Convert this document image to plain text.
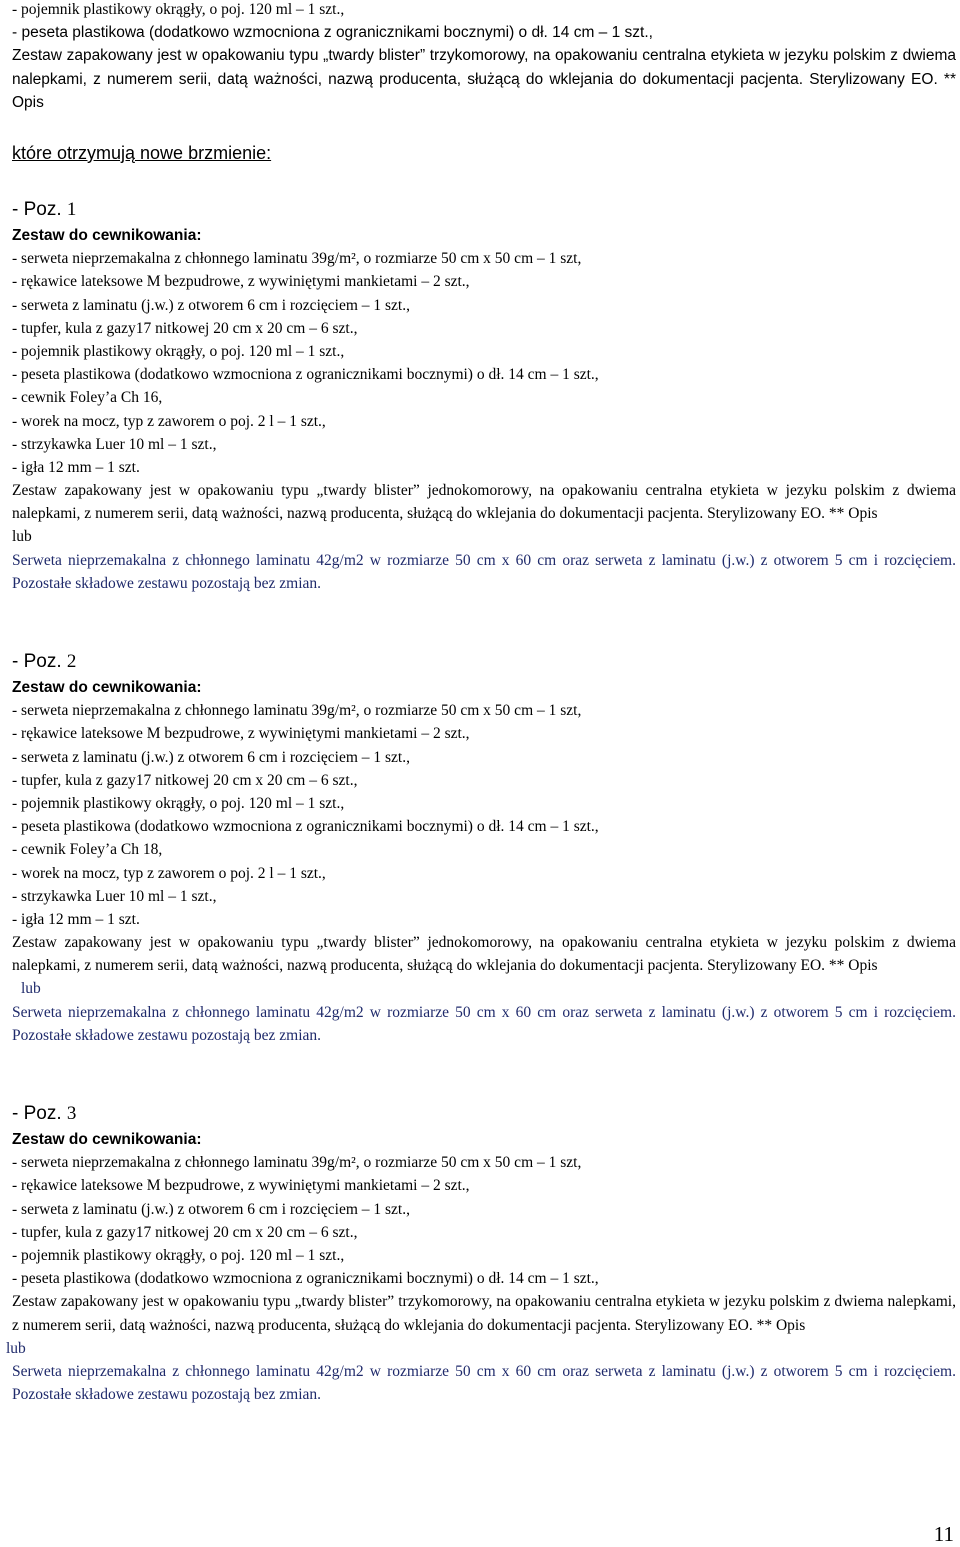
- pojemnik plastikowy okrągły, o poj. 120 ml – 1 szt.,
- peseta plastikowa (dodatkowo wzmocniona z ogranicznikami bocznymi) o dł. 14 cm – 1 szt.,
Zestaw zapakowany jest w opakowaniu typu „twardy blister” trzykomorowy, na opakowaniu centralna etykieta w jezyku polskim z dwiema nalepkami, z numerem serii, datą ważności, nazwą producenta, służącą do wklejania do dokumentacji pacjenta. Sterylizowany EO. ** Opis
które otrzymują nowe brzmienie:
- Poz. 1
Zestaw do cewnikowania:
- serweta nieprzemakalna z chłonnego laminatu 39g/m², o rozmiarze 50 cm x 50 cm – 1 szt,
- rękawice lateksowe M bezpudrowe, z wywiniętymi mankietami – 2 szt.,
- serweta z laminatu (j.w.) z otworem 6 cm i rozcięciem – 1 szt.,
- tupfer, kula z gazy17 nitkowej 20 cm x 20 cm – 6 szt.,
- pojemnik plastikowy okrągły, o poj. 120 ml – 1 szt.,
- peseta plastikowa (dodatkowo wzmocniona z ogranicznikami bocznymi) o dł. 14 cm – 1 szt.,
- cewnik Foley’a Ch 16,
- worek na mocz, typ z zaworem o poj. 2 l – 1 szt.,
- strzykawka Luer 10 ml – 1 szt.,
- igła 12 mm – 1 szt.
Zestaw zapakowany jest w opakowaniu typu „twardy blister” jednokomorowy, na opakowaniu centralna etykieta w jezyku polskim z dwiema nalepkami, z numerem serii, datą ważności, nazwą producenta, służącą do wklejania do dokumentacji pacjenta. Sterylizowany EO. ** Opis
lub
Serweta nieprzemakalna z chłonnego laminatu 42g/m2 w rozmiarze 50 cm x 60 cm oraz serweta z laminatu (j.w.) z otworem 5 cm i rozcięciem. Pozostałe składowe zestawu pozostają bez zmian.
- Poz. 2
Zestaw do cewnikowania:
- serweta nieprzemakalna z chłonnego laminatu 39g/m², o rozmiarze 50 cm x 50 cm – 1 szt,
- rękawice lateksowe M bezpudrowe, z wywiniętymi mankietami – 2 szt.,
- serweta z laminatu (j.w.) z otworem 6 cm i rozcięciem – 1 szt.,
- tupfer, kula z gazy17 nitkowej 20 cm x 20 cm – 6 szt.,
- pojemnik plastikowy okrągły, o poj. 120 ml – 1 szt.,
- peseta plastikowa (dodatkowo wzmocniona z ogranicznikami bocznymi) o dł. 14 cm – 1 szt.,
- cewnik Foley’a Ch 18,
- worek na mocz, typ z zaworem o poj. 2 l – 1 szt.,
- strzykawka Luer 10 ml – 1 szt.,
- igła 12 mm – 1 szt.
Zestaw zapakowany jest w opakowaniu typu „twardy blister” jednokomorowy, na opakowaniu centralna etykieta w jezyku polskim z dwiema nalepkami, z numerem serii, datą ważności, nazwą producenta, służącą do wklejania do dokumentacji pacjenta. Sterylizowany EO. ** Opis
lub
Serweta nieprzemakalna z chłonnego laminatu 42g/m2 w rozmiarze 50 cm x 60 cm oraz serweta z laminatu (j.w.) z otworem 5 cm i rozcięciem. Pozostałe składowe zestawu pozostają bez zmian.
- Poz. 3
Zestaw do cewnikowania:
- serweta nieprzemakalna z chłonnego laminatu 39g/m², o rozmiarze 50 cm x 50 cm – 1 szt,
- rękawice lateksowe M bezpudrowe, z wywiniętymi mankietami – 2 szt.,
- serweta z laminatu (j.w.) z otworem 6 cm i rozcięciem – 1 szt.,
- tupfer, kula z gazy17 nitkowej 20 cm x 20 cm – 6 szt.,
- pojemnik plastikowy okrągły, o poj. 120 ml – 1 szt.,
- peseta plastikowa (dodatkowo wzmocniona z ogranicznikami bocznymi) o dł. 14 cm – 1 szt.,
Zestaw zapakowany jest w opakowaniu typu „twardy blister” trzykomorowy, na opakowaniu centralna etykieta w jezyku polskim z dwiema nalepkami, z numerem serii, datą ważności, nazwą producenta, służącą do wklejania do dokumentacji pacjenta. Sterylizowany EO. ** Opis
lub
Serweta nieprzemakalna z chłonnego laminatu 42g/m2 w rozmiarze 50 cm x 60 cm oraz serweta z laminatu (j.w.) z otworem 5 cm i rozcięciem. Pozostałe składowe zestawu pozostają bez zmian.
11
